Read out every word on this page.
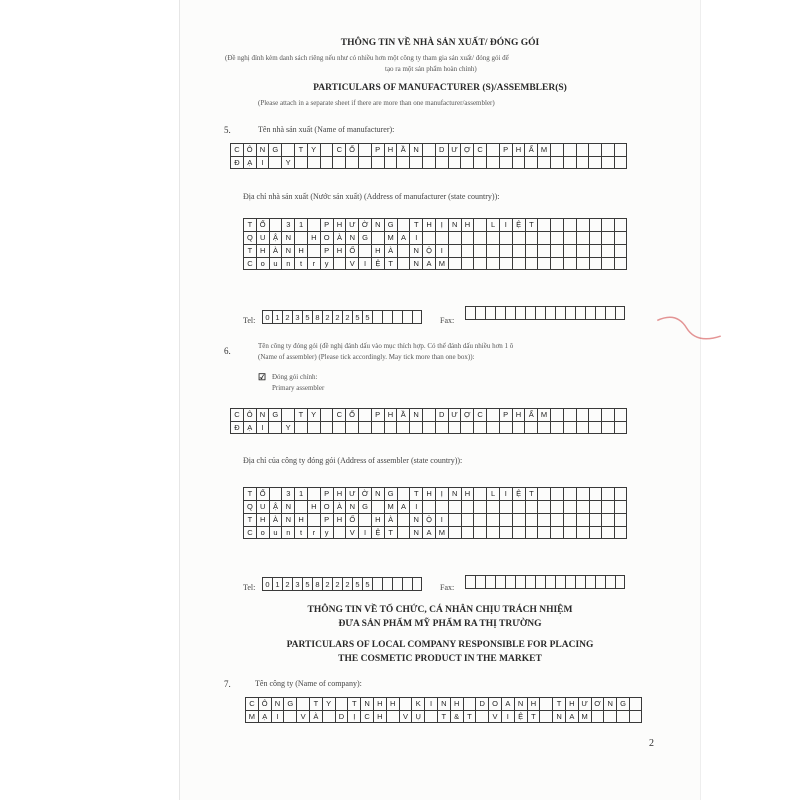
THÔNG TIN VỀ NHÀ SẢN XUẤT/ ĐÓNG GÓI
(Đề nghị đính kèm danh sách riêng nếu như có nhiều hơn một công ty tham gia sản xuất/ đóng gói để
tạo ra một sản phẩm hoàn chỉnh)
PARTICULARS OF MANUFACTURER (S)/ASSEMBLER(S)
(Please attach in a separate sheet if there are more than one manufacturer/assembler)
5.	Tên nhà sản xuất (Name of manufacturer):
C Ô N G	T	Y	C Ổ	P	H	Ầ	N	D Ư Ợ C	P	H	Ẩ M
Đ	Ạ	I	Y
Địa chỉ nhà sản xuất (Nước sản xuất) (Address of manufacturer (state country)):
T	Ổ	3	1	P	H Ư Ờ N G	T	H	Ị	N H	L	I	Ệ	T
Q U	Ậ	N	H O À	N G	M A	I
T	H	À	N H	P	H Ố	H	À	N Ộ	I
C	o	u	n	t	r	y	V	I	Ệ	T	N	A M
Tel:	0 1 2 3 5 8 2 2 2 5 5	Fax:
6.	Tên công ty đóng gói (đề nghị đánh dấu vào mục thích hợp. Có thể đánh dấu nhiều hơn 1 ô
(Name of assembler) (Please tick accordingly. May tick more than one box)):
☑ Đóng gói chính:
Primary assembler
C Ô N G	T	Y	C Ổ	P	H	Ầ	N	D Ư Ợ C	P	H	Ẩ M
Đ	Ạ	I	Y
Địa chỉ của công ty đóng gói (Address of assembler (state country)):
T	Ổ	3	1	P	H Ư Ờ N G	T	H	Ị	N H	L	I	Ệ	T
Q U	Ậ	N	H O À	N G	M A	I
T	H	À	N H	P	H Ố	H	À	N Ộ	I
C	o	u	n	t	r	y	V	I	Ệ	T	N	A M
Tel:	0 1 2 3 5 8 2 2 2 5 5	Fax:
THÔNG TIN VỀ TỔ CHỨC, CÁ NHÂN CHỊU TRÁCH NHIỆM
ĐƯA SẢN PHẨM MỸ PHẨM RA THỊ TRƯỜNG
PARTICULARS OF LOCAL COMPANY RESPONSIBLE FOR PLACING
THE COSMETIC PRODUCT IN THE MARKET
7.	Tên công ty (Name of company):
C Ô N G	T	Y	T	N H H	K	I	N H	D O A	N H	T	H Ư Ơ N G
M Ạ	I	V	À	D	Ị	C H	V	Ụ	T	&	T	V	I	Ệ	T	N	A M
2
